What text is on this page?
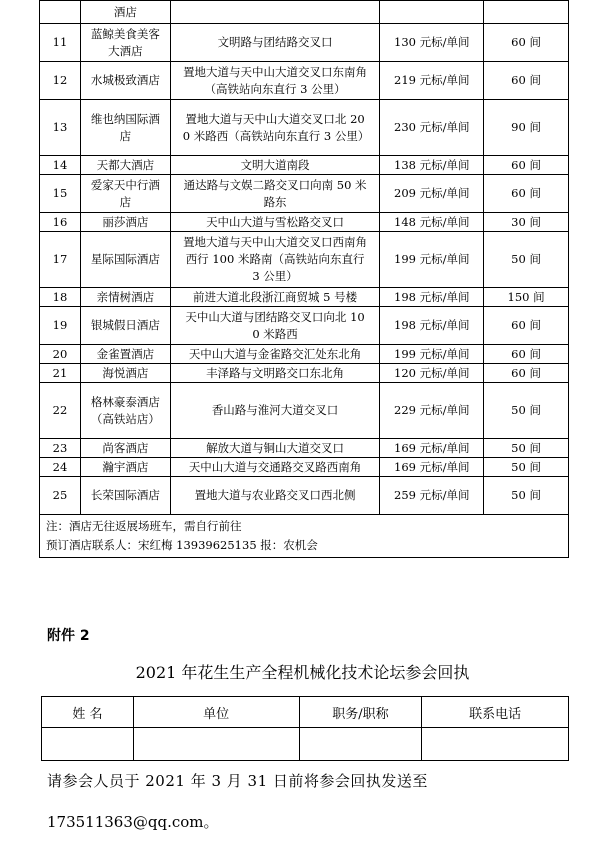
	酒店			
11	蓝鲸美食美客大酒店	文明路与团结路交叉口	130 元标/单间	60 间
12	水城极致酒店	置地大道与天中山大道交叉口东南角（高铁站向东直行 3 公里）	219 元标/单间	60 间
13	维也纳国际酒店	置地大道与天中山大道交叉口北 200 米路西（高铁站向东直行 3 公里）	230 元标/单间	90 间
14	天都大酒店	文明大道南段	138 元标/单间	60 间
15	爱家天中行酒店	通达路与文娱二路交叉口向南 50 米路东	209 元标/单间	60 间
16	丽莎酒店	天中山大道与雪松路交叉口	148 元标/单间	30 间
17	星际国际酒店	置地大道与天中山大道交叉口西南角西行 100 米路南（高铁站向东直行 3 公里）	199 元标/单间	50 间
18	亲情树酒店	前进大道北段浙江商贸城 5 号楼	198 元标/单间	150 间
19	银城假日酒店	天中山大道与团结路交叉口向北 100 米路西	198 元标/单间	60 间
20	金雀置酒店	天中山大道与金雀路交汇处东北角	199 元标/单间	60 间
21	海悦酒店	丰泽路与文明路交口东北角	120 元标/单间	60 间
22	格林豪泰酒店（高铁站店）	香山路与淮河大道交叉口	229 元标/单间	50 间
23	尚客酒店	解放大道与铜山大道交叉口	169 元标/单间	50 间
24	瀚宇酒店	天中山大道与交通路交叉路西南角	169 元标/单间	50 间
25	长荣国际酒店	置地大道与农业路交叉口西北侧	259 元标/单间	50 间

注：酒店无往返展场班车，需自行前往
预订酒店联系人：宋红梅 13939625135 报：农机会				
附件 2
2021 年花生生产全程机械化技术论坛参会回执
姓 名	单位	职务/职称	联系电话

请参会人员于 2021 年 3 月 31 日前将参会回执发送至
173511363@qq.com。
